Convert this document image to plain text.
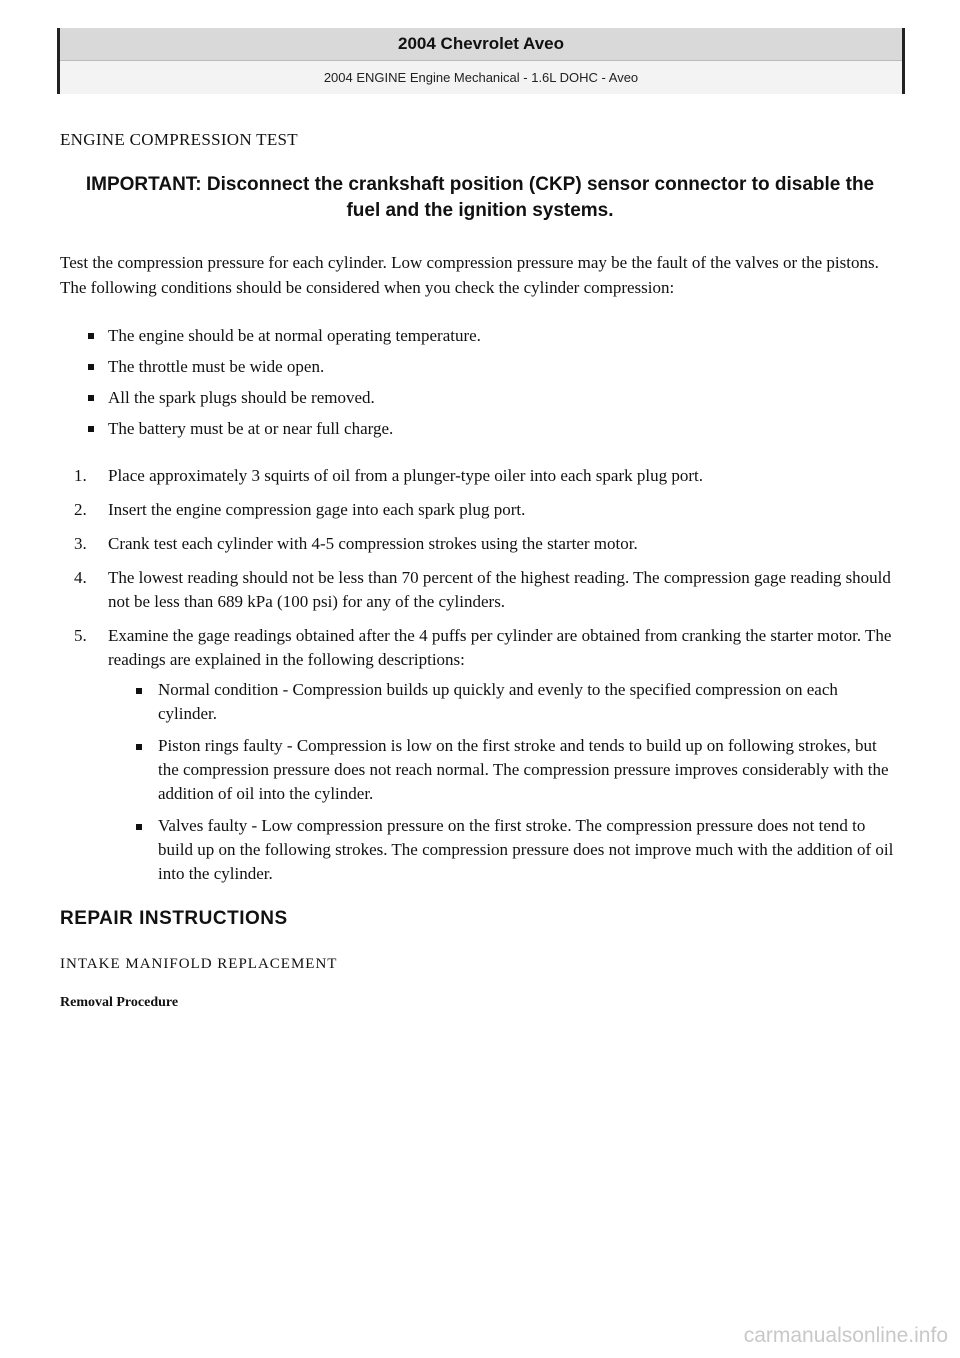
2004 Chevrolet Aveo
2004 ENGINE Engine Mechanical - 1.6L DOHC - Aveo
ENGINE COMPRESSION TEST
IMPORTANT: Disconnect the crankshaft position (CKP) sensor connector to disable the fuel and the ignition systems.

Test the compression pressure for each cylinder. Low compression pressure may be the fault of the valves or the pistons. The following conditions should be considered when you check the cylinder compression:

The engine should be at normal operating temperature.
The throttle must be wide open.
All the spark plugs should be removed.
The battery must be at or near full charge.
1. Place approximately 3 squirts of oil from a plunger-type oiler into each spark plug port.
2. Insert the engine compression gage into each spark plug port.
3. Crank test each cylinder with 4-5 compression strokes using the starter motor.
4. The lowest reading should not be less than 70 percent of the highest reading. The compression gage reading should not be less than 689 kPa (100 psi) for any of the cylinders.
5. Examine the gage readings obtained after the 4 puffs per cylinder are obtained from cranking the starter motor. The readings are explained in the following descriptions:
Normal condition - Compression builds up quickly and evenly to the specified compression on each cylinder.
Piston rings faulty - Compression is low on the first stroke and tends to build up on following strokes, but the compression pressure does not reach normal. The compression pressure improves considerably with the addition of oil into the cylinder.
Valves faulty - Low compression pressure on the first stroke. The compression pressure does not tend to build up on the following strokes. The compression pressure does not improve much with the addition of oil into the cylinder.
REPAIR INSTRUCTIONS
INTAKE MANIFOLD REPLACEMENT
Removal Procedure
carmanualsonline.info
